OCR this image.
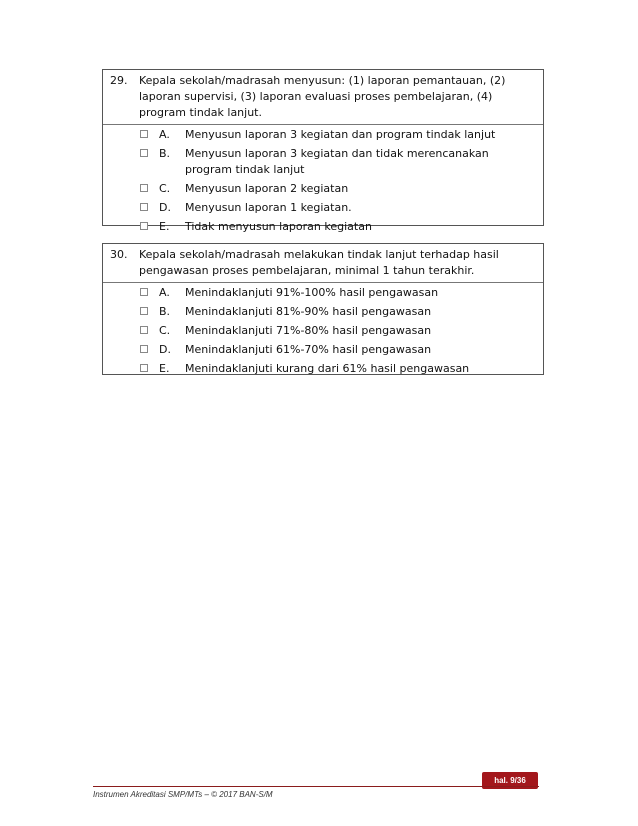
29. Kepala sekolah/madrasah menyusun: (1) laporan pemantauan, (2) laporan supervisi, (3) laporan evaluasi proses pembelajaran, (4) program tindak lanjut.
A. Menyusun laporan 3 kegiatan dan program tindak lanjut
B. Menyusun laporan 3 kegiatan dan tidak merencanakan program tindak lanjut
C. Menyusun laporan 2 kegiatan
D. Menyusun laporan 1 kegiatan.
E. Tidak menyusun laporan kegiatan
30. Kepala sekolah/madrasah melakukan tindak lanjut terhadap hasil pengawasan proses pembelajaran, minimal 1 tahun terakhir.
A. Menindaklanjuti 91%-100% hasil pengawasan
B. Menindaklanjuti 81%-90% hasil pengawasan
C. Menindaklanjuti 71%-80% hasil pengawasan
D. Menindaklanjuti 61%-70% hasil pengawasan
E. Menindaklanjuti kurang dari 61% hasil pengawasan
hal. 9/36
Instrumen Akreditasi SMP/MTs – © 2017 BAN-S/M
